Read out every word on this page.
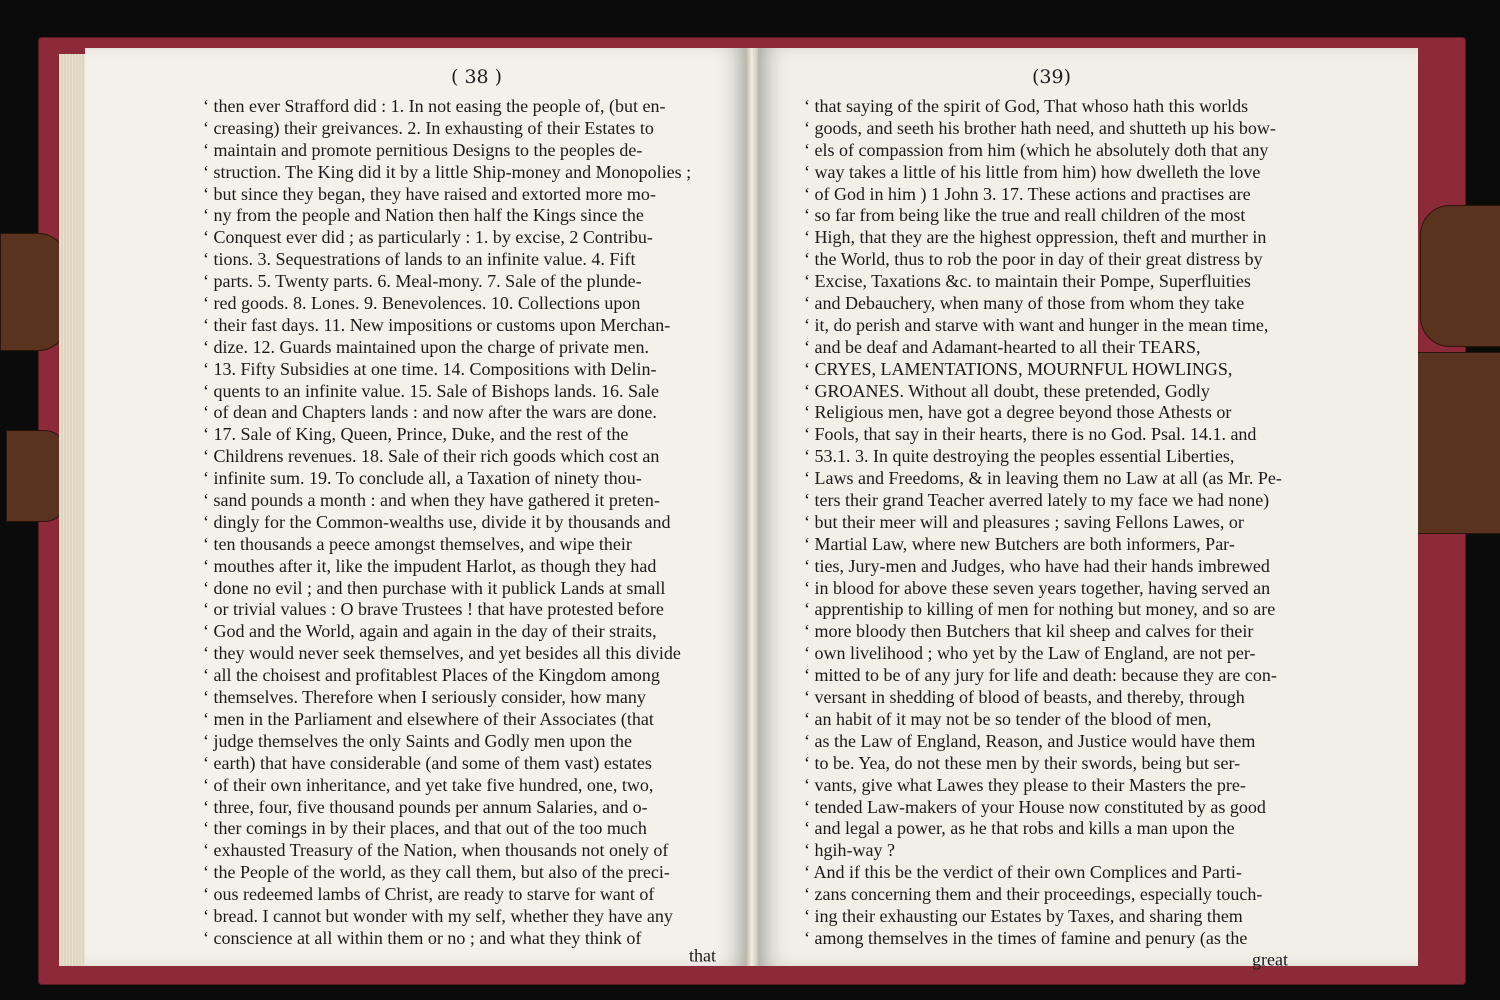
( 38 )
‘ then ever Strafford did : 1. In not easing the people of, (but en-
‘ creasing) their greivances. 2. In exhausting of their Estates to
‘ maintain and promote pernitious Designs to the peoples de-
‘ struction. The King did it by a little Ship-money and Monopolies ;
‘ but since they began, they have raised and extorted more mo-
‘ ny from the people and Nation then half the Kings since the
‘ Conquest ever did ; as particularly : 1. by excise, 2 Contribu-
‘ tions. 3. Sequestrations of lands to an infinite value. 4. Fift
‘ parts. 5. Twenty parts. 6. Meal-mony. 7. Sale of the plunde-
‘ red goods. 8. Lones. 9. Benevolences. 10. Collections upon
‘ their fast days. 11. New impositions or customs upon Merchan-
‘ dize. 12. Guards maintained upon the charge of private men.
‘ 13. Fifty Subsidies at one time. 14. Compositions with Delin-
‘ quents to an infinite value. 15. Sale of Bishops lands. 16. Sale
‘ of dean and Chapters lands : and now after the wars are done.
‘ 17. Sale of King, Queen, Prince, Duke, and the rest of the
‘ Childrens revenues. 18. Sale of their rich goods which cost an
‘ infinite sum. 19. To conclude all, a Taxation of ninety thou-
‘ sand pounds a month : and when they have gathered it preten-
‘ dingly for the Common-wealths use, divide it by thousands and
‘ ten thousands a peece amongst themselves, and wipe their
‘ mouthes after it, like the impudent Harlot, as though they had
‘ done no evil ; and then purchase with it publick Lands at small
‘ or trivial values : O brave Trustees ! that have protested before
‘ God and the World, again and again in the day of their straits,
‘ they would never seek themselves, and yet besides all this divide
‘ all the choisest and profitablest Places of the Kingdom among
‘ themselves. Therefore when I seriously consider, how many
‘ men in the Parliament and elsewhere of their Associates (that
‘ judge themselves the only Saints and Godly men upon the
‘ earth) that have considerable (and some of them vast) estates
‘ of their own inheritance, and yet take five hundred, one, two,
‘ three, four, five thousand pounds per annum Salaries, and o-
‘ ther comings in by their places, and that out of the too much
‘ exhausted Treasury of the Nation, when thousands not onely of
‘ the People of the world, as they call them, but also of the preci-
‘ ous redeemed lambs of Christ, are ready to starve for want of
‘ bread. I cannot but wonder with my self, whether they have any
‘ conscience at all within them or no ; and what they think of
that
(39)
‘ that saying of the spirit of God, That whoso hath this worlds
‘ goods, and seeth his brother hath need, and shutteth up his bow-
‘ els of compassion from him (which he absolutely doth that any
‘ way takes a little of his little from him) how dwelleth the love
‘ of God in him ) 1 John 3. 17. These actions and practises are
‘ so far from being like the true and reall children of the most
‘ High, that they are the highest oppression, theft and murther in
‘ the World, thus to rob the poor in day of their great distress by
‘ Excise, Taxations &c. to maintain their Pompe, Superfluities
‘ and Debauchery, when many of those from whom they take
‘ it, do perish and starve with want and hunger in the mean time,
‘ and be deaf and Adamant-hearted to all their TEARS,
‘ CRYES, LAMENTATIONS, MOURNFUL HOWLINGS,
‘ GROANES. Without all doubt, these pretended, Godly
‘ Religious men, have got a degree beyond those Athests or
‘ Fools, that say in their hearts, there is no God. Psal. 14.1. and
‘ 53.1. 3. In quite destroying the peoples essential Liberties,
‘ Laws and Freedoms, & in leaving them no Law at all (as Mr. Pe-
‘ ters their grand Teacher averred lately to my face we had none)
‘ but their meer will and pleasures ; saving Fellons Lawes, or
‘ Martial Law, where new Butchers are both informers, Par-
‘ ties, Jury-men and Judges, who have had their hands imbrewed
‘ in blood for above these seven years together, having served an
‘ apprentiship to killing of men for nothing but money, and so are
‘ more bloody then Butchers that kil sheep and calves for their
‘ own livelihood ; who yet by the Law of England, are not per-
‘ mitted to be of any jury for life and death: because they are con-
‘ versant in shedding of blood of beasts, and thereby, through
‘ an habit of it may not be so tender of the blood of men,
‘ as the Law of England, Reason, and Justice would have them
‘ to be. Yea, do not these men by their swords, being but ser-
‘ vants, give what Lawes they please to their Masters the pre-
‘ tended Law-makers of your House now constituted by as good
‘ and legal a power, as he that robs and kills a man upon the
‘ hgih-way ?
‘ And if this be the verdict of their own Complices and Parti-
‘ zans concerning them and their proceedings, especially touch-
‘ ing their exhausting our Estates by Taxes, and sharing them
‘ among themselves in the times of famine and penury (as the
great
